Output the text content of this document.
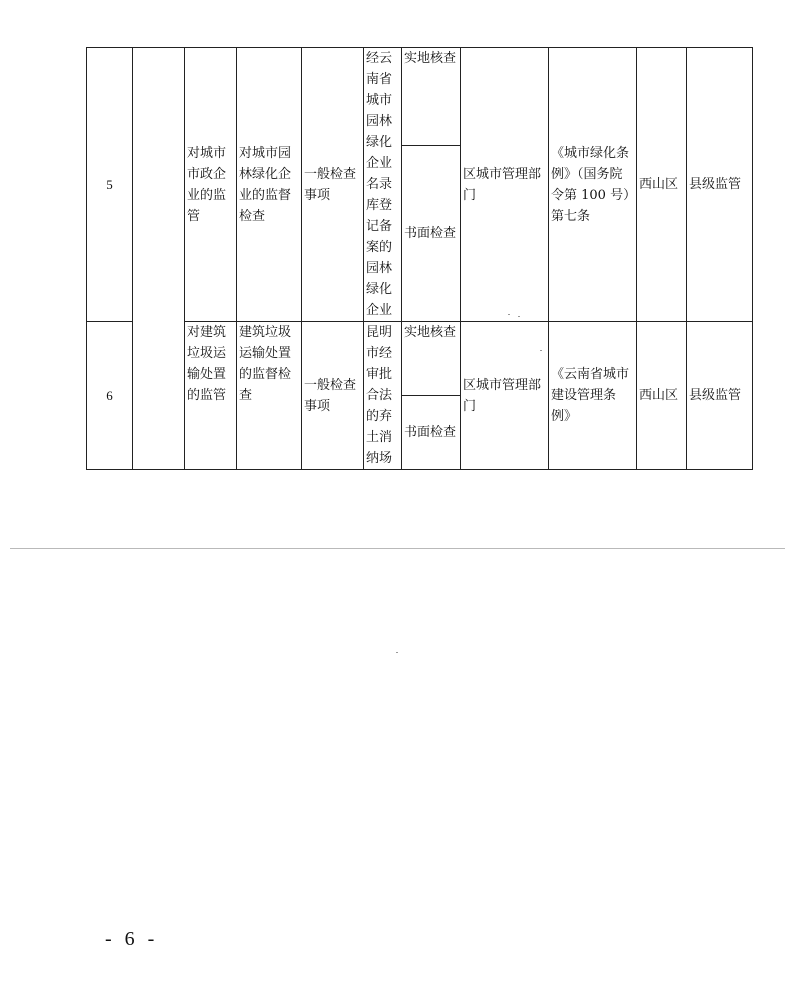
5		对城市市政企业的监管	对城市园林绿化企业的监督检查	一般检查事项	经云南省城市园林绿化企业名录库登记备案的园林绿化企业	实地核查	区城市管理部门	《城市绿化条例》（国务院令第 100 号）第七条	西山区	县级监管
						书面检查				
6		对建筑垃圾运输处置的监管	建筑垃圾运输处置的监督检查	一般检查事项	昆明市经审批合法的弃土消纳场	实地核查	区城市管理部门	《云南省城市建设管理条例》	西山区	县级监管
						书面检查				
- 6 -
